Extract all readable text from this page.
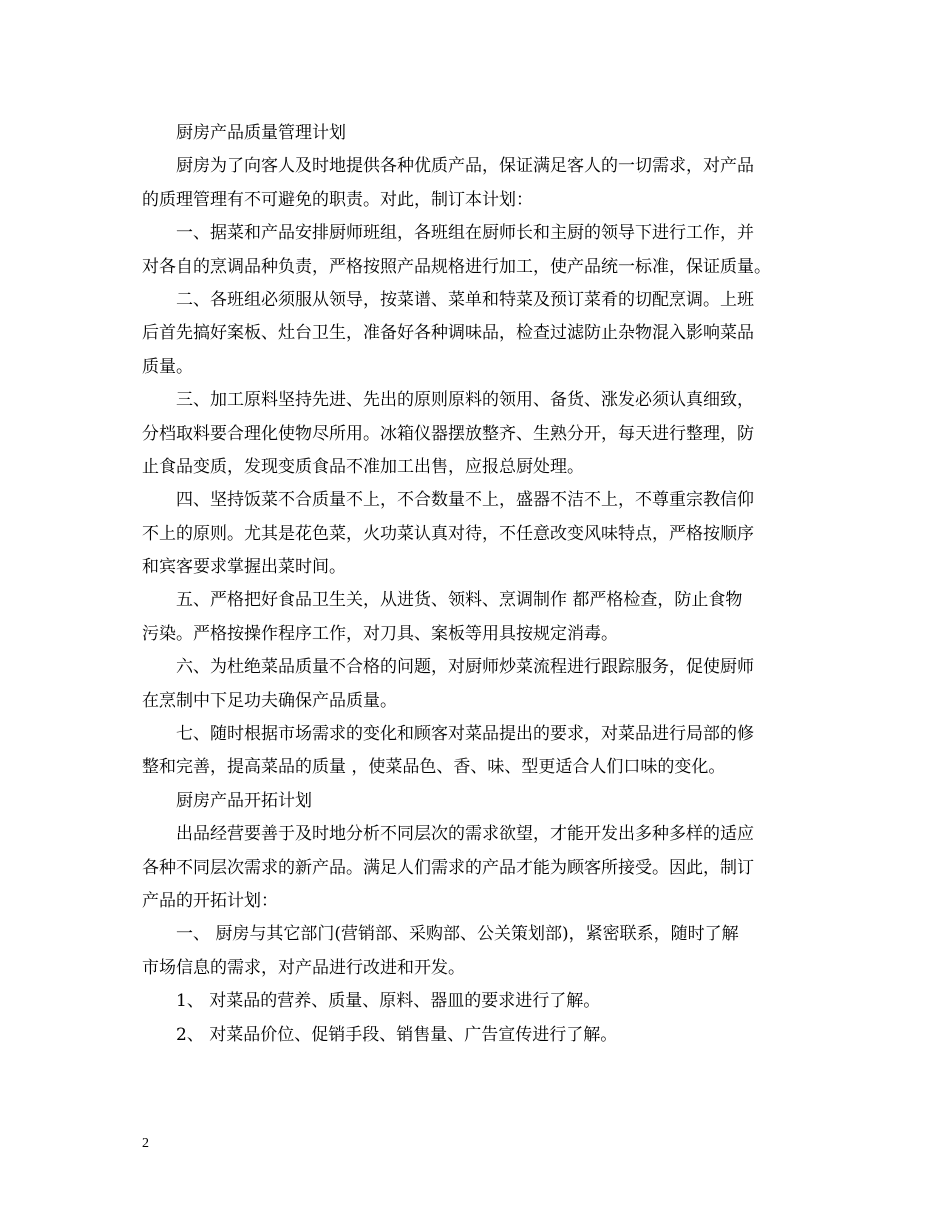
厨房产品质量管理计划
厨房为了向客人及时地提供各种优质产品，保证满足客人的一切需求，对产品
的质理管理有不可避免的职责。对此，制订本计划：
一、据菜和产品安排厨师班组，各班组在厨师长和主厨的领导下进行工作，并
对各自的烹调品种负责，严格按照产品规格进行加工，使产品统一标准，保证质量。
二、各班组必须服从领导，按菜谱、菜单和特菜及预订菜肴的切配烹调。上班
后首先搞好案板、灶台卫生，准备好各种调味品，检查过滤防止杂物混入影响菜品
质量。
三、加工原料坚持先进、先出的原则原料的领用、备货、涨发必须认真细致，
分档取料要合理化使物尽所用。冰箱仪器摆放整齐、生熟分开，每天进行整理，防
止食品变质，发现变质食品不准加工出售，应报总厨处理。
四、坚持饭菜不合质量不上，不合数量不上，盛器不洁不上，不尊重宗教信仰
不上的原则。尤其是花色菜，火功菜认真对待，不任意改变风味特点，严格按顺序
和宾客要求掌握出菜时间。
五、严格把好食品卫生关，从进货、领料、烹调制作 都严格检查，防止食物
污染。严格按操作程序工作，对刀具、案板等用具按规定消毒。
六、为杜绝菜品质量不合格的问题，对厨师炒菜流程进行跟踪服务，促使厨师
在烹制中下足功夫确保产品质量。
七、随时根据市场需求的变化和顾客对菜品提出的要求，对菜品进行局部的修
整和完善，提高菜品的质量 ，使菜品色、香、味、型更适合人们口味的变化。
厨房产品开拓计划
出品经营要善于及时地分析不同层次的需求欲望，才能开发出多种多样的适应
各种不同层次需求的新产品。满足人们需求的产品才能为顾客所接受。因此，制订
产品的开拓计划：
一、 厨房与其它部门(营销部、采购部、公关策划部)，紧密联系，随时了解
市场信息的需求，对产品进行改进和开发。
1、 对菜品的营养、质量、原料、器皿的要求进行了解。
2、 对菜品价位、促销手段、销售量、广告宣传进行了解。
2
